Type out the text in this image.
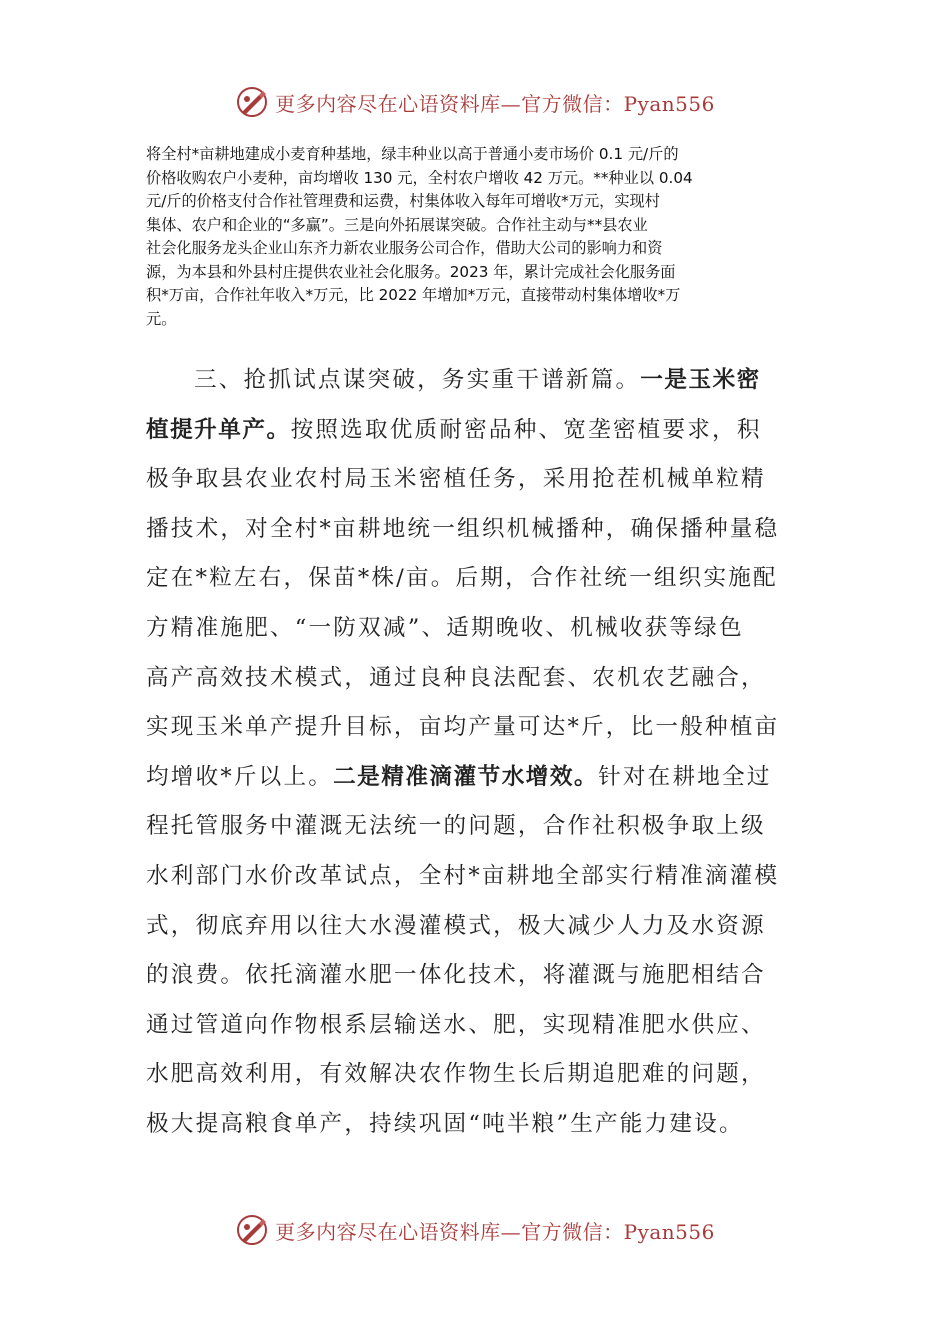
更多内容尽在心语资料库—官方微信：Pyan556

将全村*亩耕地建成小麦育种基地，绿丰种业以高于普通小麦市场价 0.1 元/斤的

价格收购农户小麦种，亩均增收 130 元，全村农户增收 42 万元。**种业以 0.04

元/斤的价格支付合作社管理费和运费，村集体收入每年可增收*万元，实现村

集体、农户和企业的“多赢”。三是向外拓展谋突破。合作社主动与**县农业

社会化服务龙头企业山东齐力新农业服务公司合作，借助大公司的影响力和资

源，为本县和外县村庄提供农业社会化服务。2023 年，累计完成社会化服务面

积*万亩，合作社年收入*万元，比 2022 年增加*万元，直接带动村集体增收*万

元。

三、抢抓试点谋突破，务实重干谱新篇。一是玉米密

植提升单产。按照选取优质耐密品种、宽垄密植要求，积

极争取县农业农村局玉米密植任务，采用抢茬机械单粒精

播技术，对全村*亩耕地统一组织机械播种，确保播种量稳

定在*粒左右，保苗*株/亩。后期，合作社统一组织实施配

方精准施肥、“一防双减”、适期晚收、机械收获等绿色

高产高效技术模式，通过良种良法配套、农机农艺融合，

实现玉米单产提升目标，亩均产量可达*斤，比一般种植亩

均增收*斤以上。二是精准滴灌节水增效。针对在耕地全过

程托管服务中灌溉无法统一的问题，合作社积极争取上级

水利部门水价改革试点，全村*亩耕地全部实行精准滴灌模

式，彻底弃用以往大水漫灌模式，极大减少人力及水资源

的浪费。依托滴灌水肥一体化技术，将灌溉与施肥相结合

通过管道向作物根系层输送水、肥，实现精准肥水供应、

水肥高效利用，有效解决农作物生长后期追肥难的问题，

极大提高粮食单产，持续巩固“吨半粮”生产能力建设。

更多内容尽在心语资料库—官方微信：Pyan556
